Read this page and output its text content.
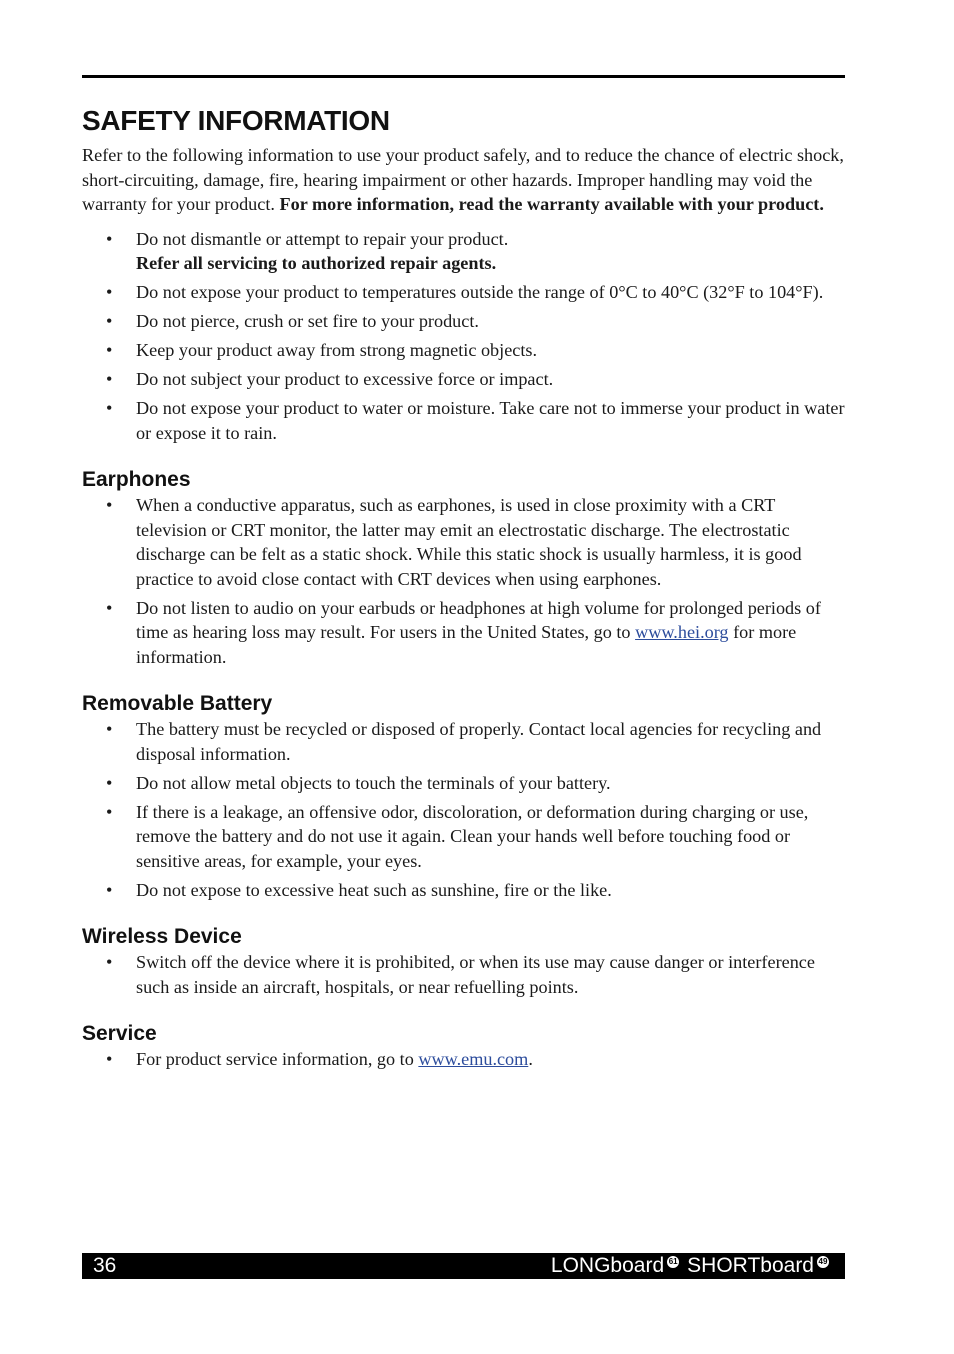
SAFETY INFORMATION

Refer to the following information to use your product safely, and to reduce the chance of electric shock, short-circuiting, damage, fire, hearing impairment or other hazards. Improper handling may void the warranty for your product. For more information, read the warranty available with your product.

• Do not dismantle or attempt to repair your product.
Refer all servicing to authorized repair agents.
• Do not expose your product to temperatures outside the range of 0°C to 40°C (32°F to 104°F).
• Do not pierce, crush or set fire to your product.
• Keep your product away from strong magnetic objects.
• Do not subject your product to excessive force or impact.
• Do not expose your product to water or moisture. Take care not to immerse your product in water or expose it to rain.
Earphones
• When a conductive apparatus, such as earphones, is used in close proximity with a CRT television or CRT monitor, the latter may emit an electrostatic discharge. The electrostatic discharge can be felt as a static shock. While this static shock is usually harmless, it is good practice to avoid close contact with CRT devices when using earphones.
• Do not listen to audio on your earbuds or headphones at high volume for prolonged periods of time as hearing loss may result. For users in the United States, go to www.hei.org for more information.
Removable Battery
• The battery must be recycled or disposed of properly. Contact local agencies for recycling and disposal information.
• Do not allow metal objects to touch the terminals of your battery.
• If there is a leakage, an offensive odor, discoloration, or deformation during charging or use, remove the battery and do not use it again. Clean your hands well before touching food or sensitive areas, for example, your eyes.
• Do not expose to excessive heat such as sunshine, fire or the like.
Wireless Device
• Switch off the device where it is prohibited, or when its use may cause danger or interference such as inside an aircraft, hospitals, or near refuelling points.
Service
• For product service information, go to www.emu.com.
36	LONGboard 61 SHORTboard 49
